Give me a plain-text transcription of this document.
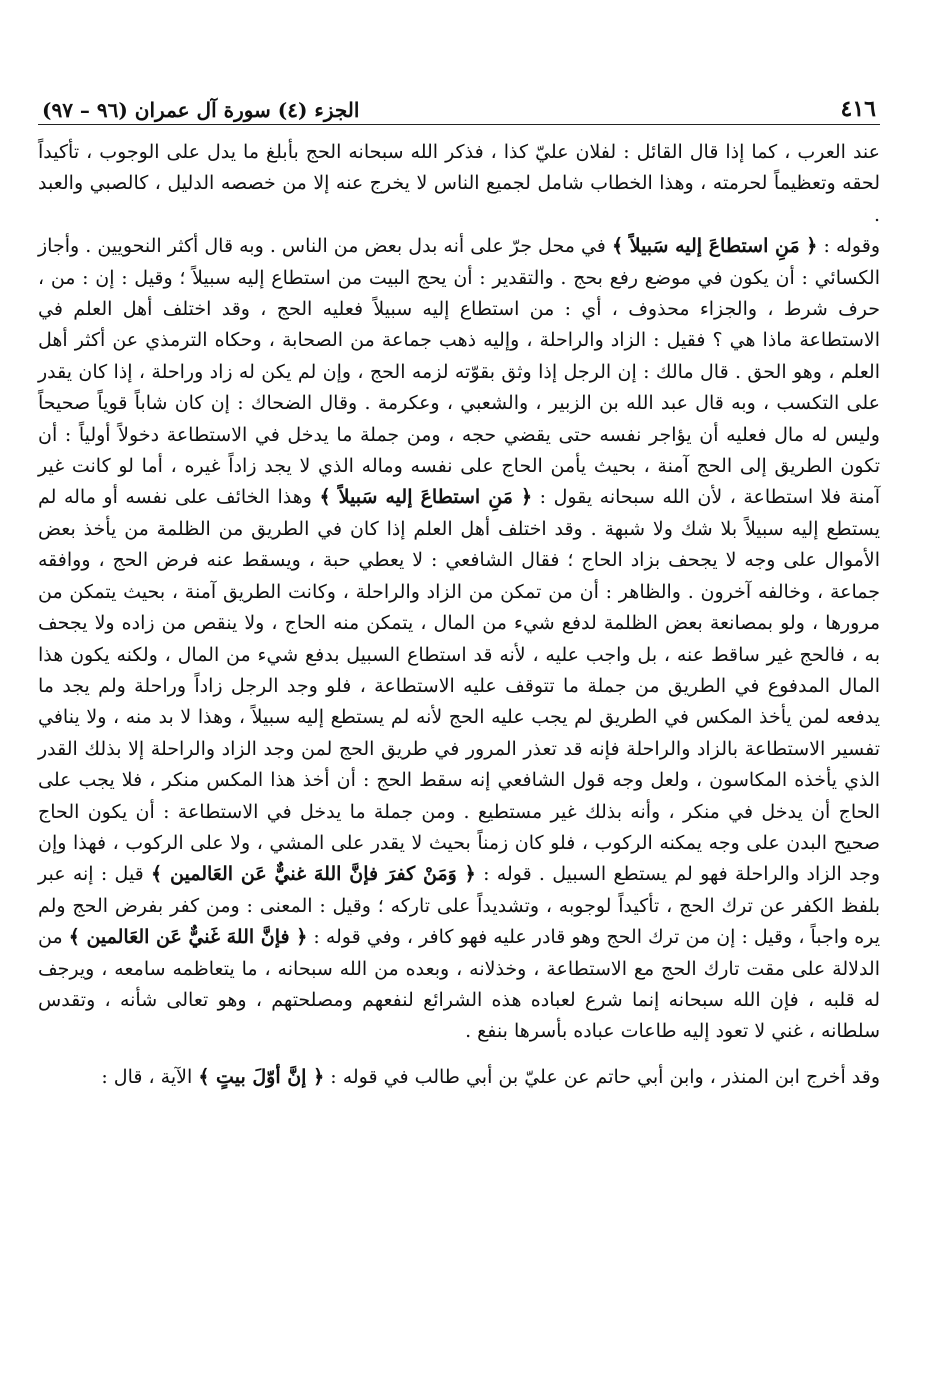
٤١٦
الجزء (٤) سورة آل عمران (٩٦ – ٩٧)

عند العرب ، كما إذا قال القائل : لفلان عليّ كذا ، فذكر الله سبحانه الحج بأبلغ ما يدل على الوجوب ، تأكيداً لحقه وتعظيماً لحرمته ، وهذا الخطاب شامل لجميع الناس لا يخرج عنه إلا من خصصه الدليل ، كالصبي والعبد .

وقوله : ﴿ مَنِ استطاعَ إليه سَبيلاً ﴾ في محل جرّ على أنه بدل بعض من الناس . وبه قال أكثر النحويين . وأجاز الكسائي : أن يكون في موضع رفع بحج . والتقدير : أن يحج البيت من استطاع إليه سبيلاً ؛ وقيل : إن : من ، حرف شرط ، والجزاء محذوف ، أي : من استطاع إليه سبيلاً فعليه الحج ، وقد اختلف أهل العلم في الاستطاعة ماذا هي ؟ فقيل : الزاد والراحلة ، وإليه ذهب جماعة من الصحابة ، وحكاه الترمذي عن أكثر أهل العلم ، وهو الحق . قال مالك : إن الرجل إذا وثق بقوّته لزمه الحج ، وإن لم يكن له زاد وراحلة ، إذا كان يقدر على التكسب ، وبه قال عبد الله بن الزبير ، والشعبي ، وعكرمة . وقال الضحاك : إن كان شاباً قوياً صحيحاً وليس له مال فعليه أن يؤاجر نفسه حتى يقضي حجه ، ومن جملة ما يدخل في الاستطاعة دخولاً أولياً : أن تكون الطريق إلى الحج آمنة ، بحيث يأمن الحاج على نفسه وماله الذي لا يجد زاداً غيره ، أما لو كانت غير آمنة فلا استطاعة ، لأن الله سبحانه يقول : ﴿ مَنِ استطاعَ إليه سَبيلاً ﴾ وهذا الخائف على نفسه أو ماله لم يستطع إليه سبيلاً بلا شك ولا شبهة . وقد اختلف أهل العلم إذا كان في الطريق من الظلمة من يأخذ بعض الأموال على وجه لا يجحف بزاد الحاج ؛ فقال الشافعي : لا يعطي حبة ، ويسقط عنه فرض الحج ، ووافقه جماعة ، وخالفه آخرون . والظاهر : أن من تمكن من الزاد والراحلة ، وكانت الطريق آمنة ، بحيث يتمكن من مرورها ، ولو بمصانعة بعض الظلمة لدفع شيء من المال ، يتمكن منه الحاج ، ولا ينقص من زاده ولا يجحف به ، فالحج غير ساقط عنه ، بل واجب عليه ، لأنه قد استطاع السبيل بدفع شيء من المال ، ولكنه يكون هذا المال المدفوع في الطريق من جملة ما تتوقف عليه الاستطاعة ، فلو وجد الرجل زاداً وراحلة ولم يجد ما يدفعه لمن يأخذ المكس في الطريق لم يجب عليه الحج لأنه لم يستطع إليه سبيلاً ، وهذا لا بد منه ، ولا ينافي تفسير الاستطاعة بالزاد والراحلة فإنه قد تعذر المرور في طريق الحج لمن وجد الزاد والراحلة إلا بذلك القدر الذي يأخذه المكاسون ، ولعل وجه قول الشافعي إنه سقط الحج : أن أخذ هذا المكس منكر ، فلا يجب على الحاج أن يدخل في منكر ، وأنه بذلك غير مستطيع . ومن جملة ما يدخل في الاستطاعة : أن يكون الحاج صحيح البدن على وجه يمكنه الركوب ، فلو كان زمناً بحيث لا يقدر على المشي ، ولا على الركوب ، فهذا وإن وجد الزاد والراحلة فهو لم يستطع السبيل . قوله : ﴿ وَمَنْ كفرَ فإنَّ اللهَ غنيٌّ عَن العَالمين ﴾ قيل : إنه عبر بلفظ الكفر عن ترك الحج ، تأكيداً لوجوبه ، وتشديداً على تاركه ؛ وقيل : المعنى : ومن كفر بفرض الحج ولم يره واجباً ، وقيل : إن من ترك الحج وهو قادر عليه فهو كافر ، وفي قوله : ﴿ فإنَّ اللهَ غَنيٌّ عَن العَالمين ﴾ من الدلالة على مقت تارك الحج مع الاستطاعة ، وخذلانه ، وبعده من الله سبحانه ، ما يتعاظمه سامعه ، ويرجف له قلبه ، فإن الله سبحانه إنما شرع لعباده هذه الشرائع لنفعهم ومصلحتهم ، وهو تعالى شأنه ، وتقدس سلطانه ، غني لا تعود إليه طاعات عباده بأسرها بنفع .

وقد أخرج ابن المنذر ، وابن أبي حاتم عن عليّ بن أبي طالب في قوله : ﴿ إنَّ أوّلَ بيتٍ ﴾ الآية ، قال :
